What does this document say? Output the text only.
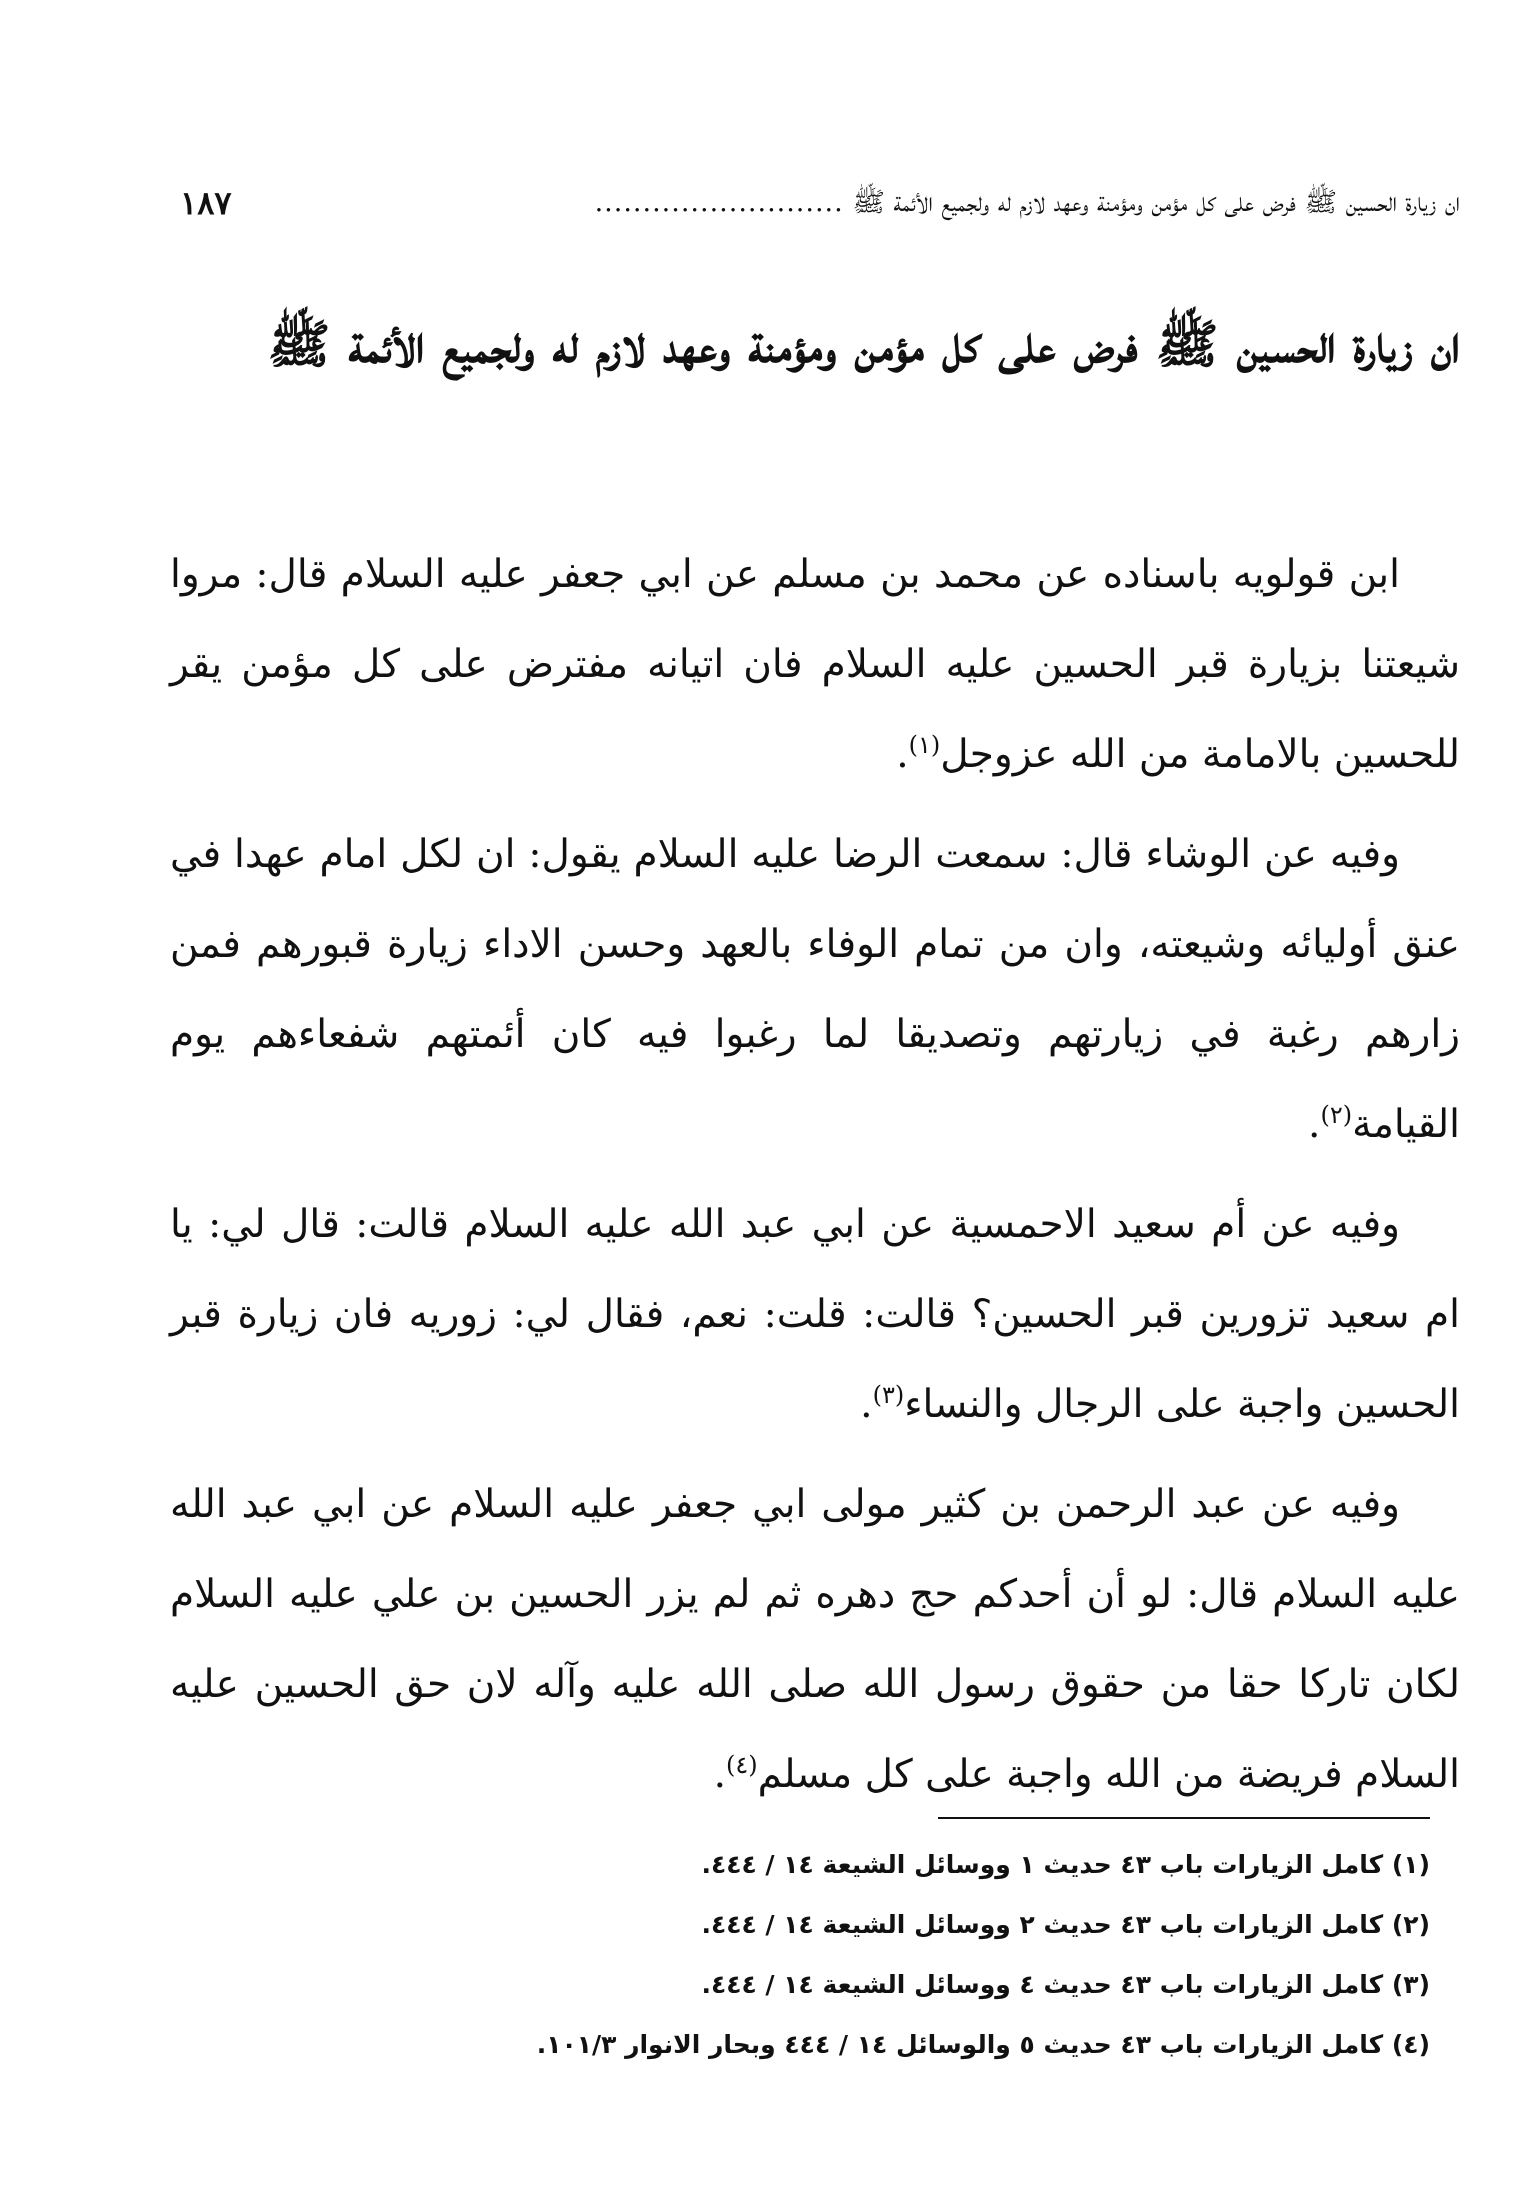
ان زيارة الحسين ﷺ فرض على كل مؤمن ومؤمنة وعهد لازم له ولجميع الأئمة ﷺ ..........................
١٨٧
ان زيارة الحسين ﷺ فرض على كل مؤمن ومؤمنة وعهد لازم له ولجميع الأئمة ﷺ

ابن قولويه باسناده عن محمد بن مسلم عن ابي جعفر عليه السلام قال: مروا شيعتنا بزيارة قبر الحسين عليه السلام فان اتيانه مفترض على كل مؤمن يقر للحسين بالامامة من الله عزوجل$^{(١)}$.

وفيه عن الوشاء قال: سمعت الرضا عليه السلام يقول: ان لكل امام عهدا في عنق أوليائه وشيعته، وان من تمام الوفاء بالعهد وحسن الاداء زيارة قبورهم فمن زارهم رغبة في زيارتهم وتصديقا لما رغبوا فيه كان أئمتهم شفعاءهم يوم القيامة$^{(٢)}$.

وفيه عن أم سعيد الاحمسية عن ابي عبد الله عليه السلام قالت: قال لي: يا ام سعيد تزورين قبر الحسين؟ قالت: قلت: نعم، فقال لي: زوريه فان زيارة قبر الحسين واجبة على الرجال والنساء$^{(٣)}$.

وفيه عن عبد الرحمن بن كثير مولى ابي جعفر عليه السلام عن ابي عبد الله عليه السلام قال: لو أن أحدكم حج دهره ثم لم يزر الحسين بن علي عليه السلام لكان تاركا حقا من حقوق رسول الله صلى الله عليه وآله لان حق الحسين عليه السلام فريضة من الله واجبة على كل مسلم$^{(٤)}$.

(١) كامل الزيارات باب ٤٣ حديث ١ ووسائل الشيعة ١٤ / ٤٤٤.

(٢) كامل الزيارات باب ٤٣ حديث ٢ ووسائل الشيعة ١٤ / ٤٤٤.

(٣) كامل الزيارات باب ٤٣ حديث ٤ ووسائل الشيعة ١٤ / ٤٤٤.

(٤) كامل الزيارات باب ٤٣ حديث ٥ والوسائل ١٤ / ٤٤٤ وبحار الانوار ١٠١/٣.
